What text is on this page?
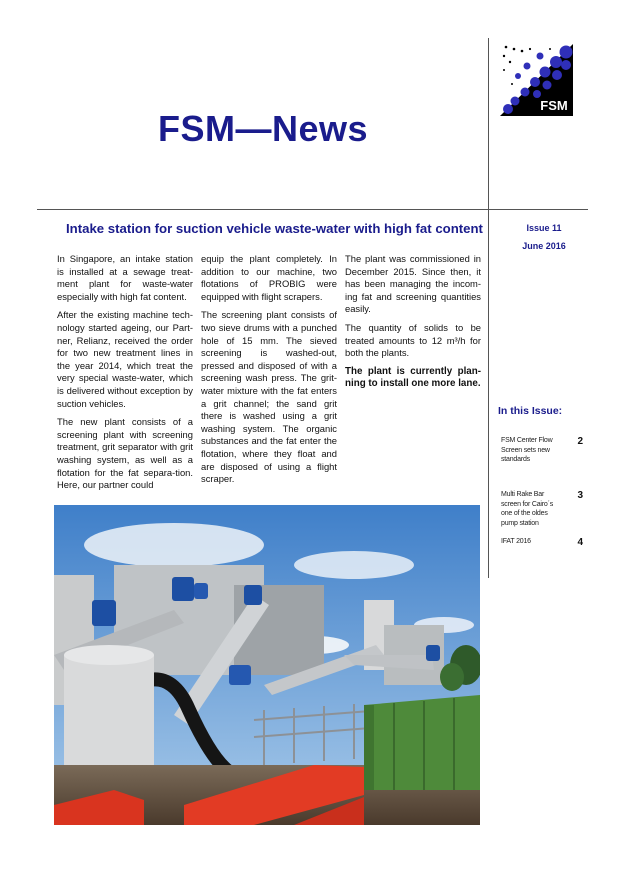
FSM
FSM—News
Intake station for suction vehicle waste-water with high fat content	Issue 11
June 2016

In Singapore, an intake station is installed at a sewage treat-ment plant for waste-water especially with high fat content.

After the existing machine tech-nology started ageing, our Part-ner, Relianz, received the order for two new treatment lines in the year 2014, which treat the very special waste-water, which is delivered without exception by suction vehicles.

The new plant consists of a screening plant with screening treatment, grit separator with grit washing system, as well as a flotation for the fat separa-tion. Here, our partner could

equip the plant completely. In addition to our machine, two flotations of PROBIG were equipped with flight scrapers.

The screening plant consists of two sieve drums with a punched hole of 15 mm. The sieved screening is washed-out, pressed and disposed of with a screening wash press. The grit-water mixture with the fat enters a grit channel; the sand grit there is washed using a grit washing system. The organic substances and the fat enter the flotation, where they float and are disposed of using a flight scraper.

The plant was commissioned in December 2015. Since then, it has been managing the incom-ing fat and screening quantities easily.

The quantity of solids to be treated amounts to 12 m³/h for both the plants.

The plant is currently plan-ning to install one more lane.

In this Issue:
FSM Center Flow Screen sets new standards
2
Multi Rake Bar screen for Cairo´s one of the oldes pump station
3
IFAT 2016	4
